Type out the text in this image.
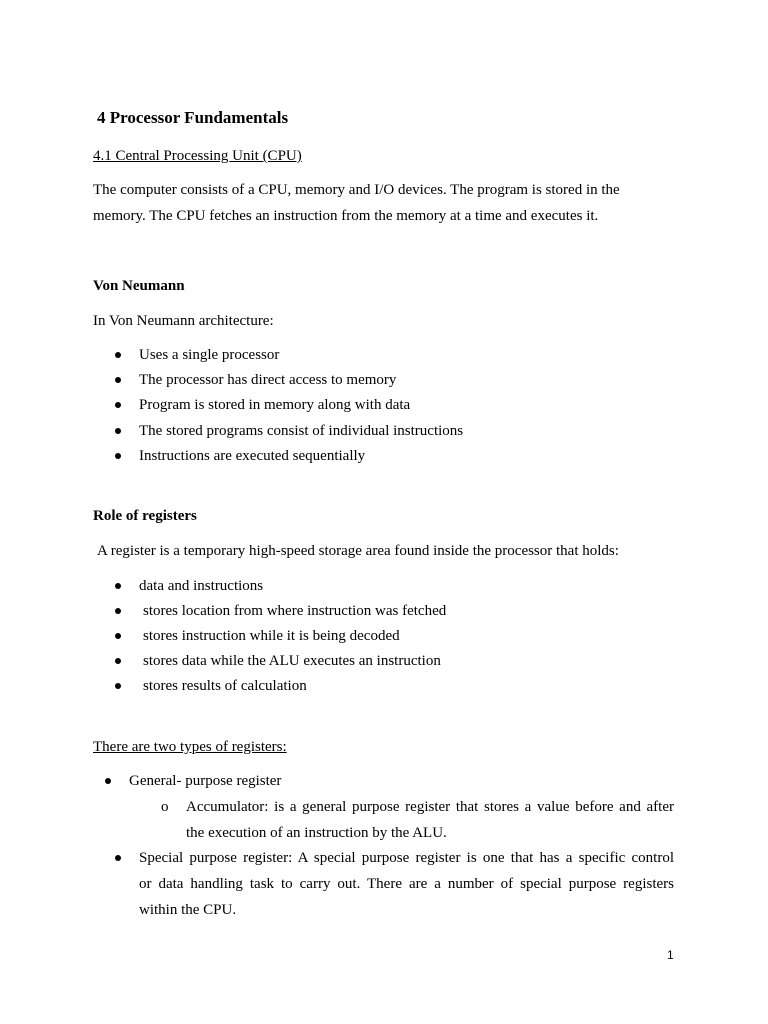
4 Processor Fundamentals
4.1 Central Processing Unit (CPU)
The computer consists of a CPU, memory and I/O devices. The program is stored in the
memory. The CPU fetches an instruction from the memory at a time and executes it.
Von Neumann
In Von Neumann architecture:
Uses a single processor
The processor has direct access to memory
Program is stored in memory along with data
The stored programs consist of individual instructions
Instructions are executed sequentially
Role of registers
A register is a temporary high-speed storage area found inside the processor that holds:
data and instructions
stores location from where instruction was fetched
stores instruction while it is being decoded
stores data while the ALU executes an instruction
stores results of calculation
There are two types of registers:
General- purpose register
o Accumulator: is a general purpose register that stores a value before and after
the execution of an instruction by the ALU.
Special purpose register: A special purpose register is one that has a specific control
or data handling task to carry out. There are a number of special purpose registers
within the CPU.
1
